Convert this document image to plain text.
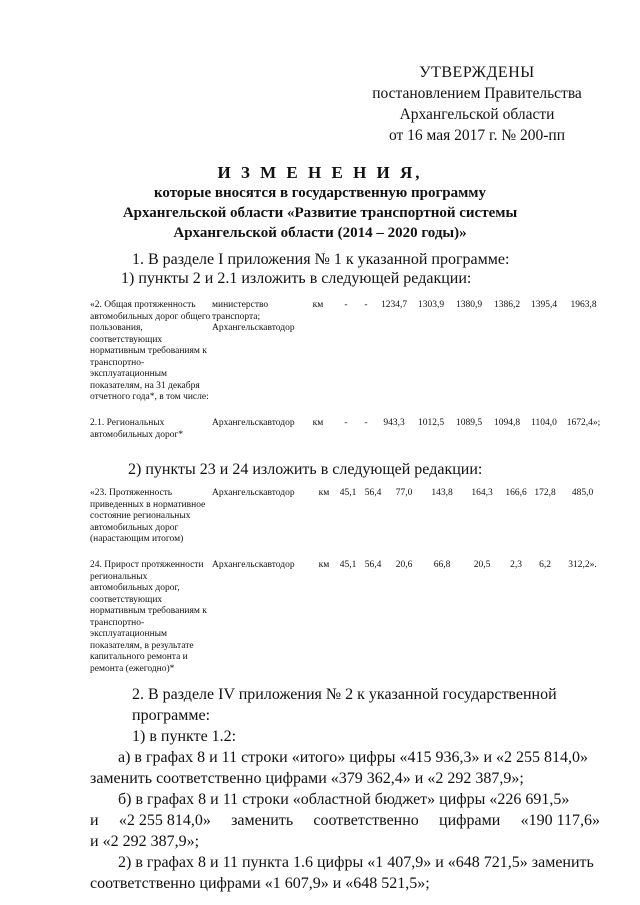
УТВЕРЖДЕНЫ
постановлением Правительства
Архангельской области
от 16 мая 2017 г. № 200-пп
И З М Е Н Е Н И Я,
которые вносятся в государственную программу
Архангельской области «Развитие транспортной системы
Архангельской области (2014 – 2020 годы)»
1. В разделе I приложения № 1 к указанной программе:
1) пункты 2 и 2.1 изложить в следующей редакции:
«2. Общая протяженность автомобильных дорог общего пользования, соответствующих нормативным требованиям к транспортно-эксплуатационным показателям, на 31 декабря отчетного года*, в том числе:	министерство транспорта; Архангельскавтодор	км	-	-	1234,7	1303,9	1380,9	1386,2	1395,4	1963,8
2.1. Региональных автомобильных дорог*	Архангельскавтодор	км	-	-	943,3	1012,5	1089,5	1094,8	1104,0	1672,4»;
2) пункты 23 и 24 изложить в следующей редакции:
«23. Протяженность приведенных в нормативное состояние региональных автомобильных дорог (нарастающим итогом)	Архангельскавтодор	км	45,1	56,4	77,0	143,8	164,3	166,6	172,8	485,0
24. Прирост протяженности региональных автомобильных дорог, соответствующих нормативным требованиям к транспортно-эксплуатационным показателям, в результате капитального ремонта и ремонта (ежегодно)*	Архангельскавтодор	км	45,1	56,4	20,6	66,8	20,5	2,3	6,2	312,2».

2. В разделе IV приложения № 2 к указанной государственной программе:

1) в пункте 1.2:

а) в графах 8 и 11 строки «итого» цифры «415 936,3» и «2 255 814,0»

заменить соответственно цифрами «379 362,4» и «2 292 387,9»;

б) в графах 8 и 11 строки «областной бюджет» цифры «226 691,5»

и «2 255 814,0» заменить соответственно цифрами «190 117,6»

и «2 292 387,9»;

2) в графах 8 и 11 пункта 1.6 цифры «1 407,9» и «648 721,5» заменить

соответственно цифрами «1 607,9» и «648 521,5»;
